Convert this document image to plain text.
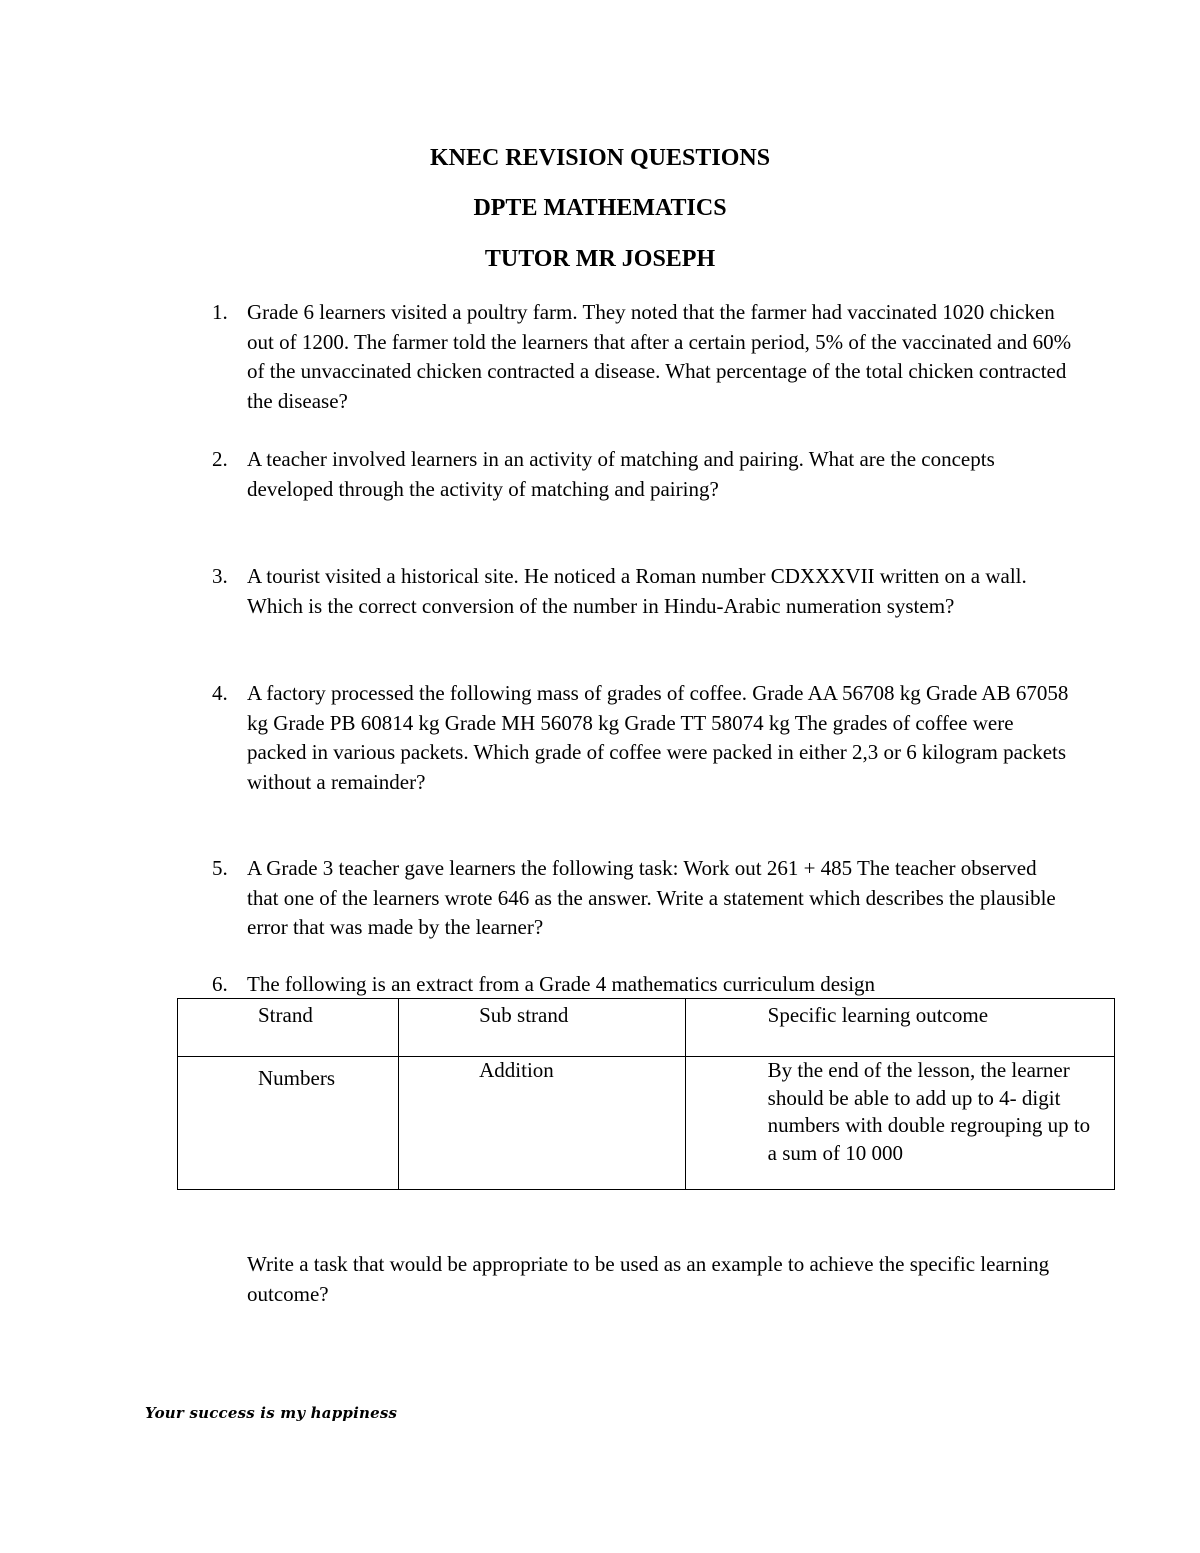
KNEC REVISION QUESTIONS
DPTE MATHEMATICS
TUTOR MR JOSEPH
1. Grade 6 learners visited a poultry farm. They noted that the farmer had vaccinated 1020 chicken out of 1200. The farmer told the learners that after a certain period, 5% of the vaccinated and 60% of the unvaccinated chicken contracted a disease. What percentage of the total chicken contracted the disease?
2. A teacher involved learners in an activity of matching and pairing. What are the concepts developed through the activity of matching and pairing?
3. A tourist visited a historical site. He noticed a Roman number CDXXXVII written on a wall. Which is the correct conversion of the number in Hindu-Arabic numeration system?
4. A factory processed the following mass of grades of coffee. Grade AA 56708 kg Grade AB 67058 kg Grade PB 60814 kg Grade MH 56078 kg Grade TT 58074 kg The grades of coffee were packed in various packets. Which grade of coffee were packed in either 2,3 or 6 kilogram packets without a remainder?
5. A Grade 3 teacher gave learners the following task: Work out 261 + 485 The teacher observed that one of the learners wrote 646 as the answer. Write a statement which describes the plausible error that was made by the learner?
6. The following is an extract from a Grade 4 mathematics curriculum design
Strand	Sub strand	Specific learning outcome
Numbers	Addition	By the end of the lesson, the learner should be able to add up to 4- digit numbers with double regrouping up to a sum of 10 000
Write a task that would be appropriate to be used as an example to achieve the specific learning outcome?
Your success is my happiness
